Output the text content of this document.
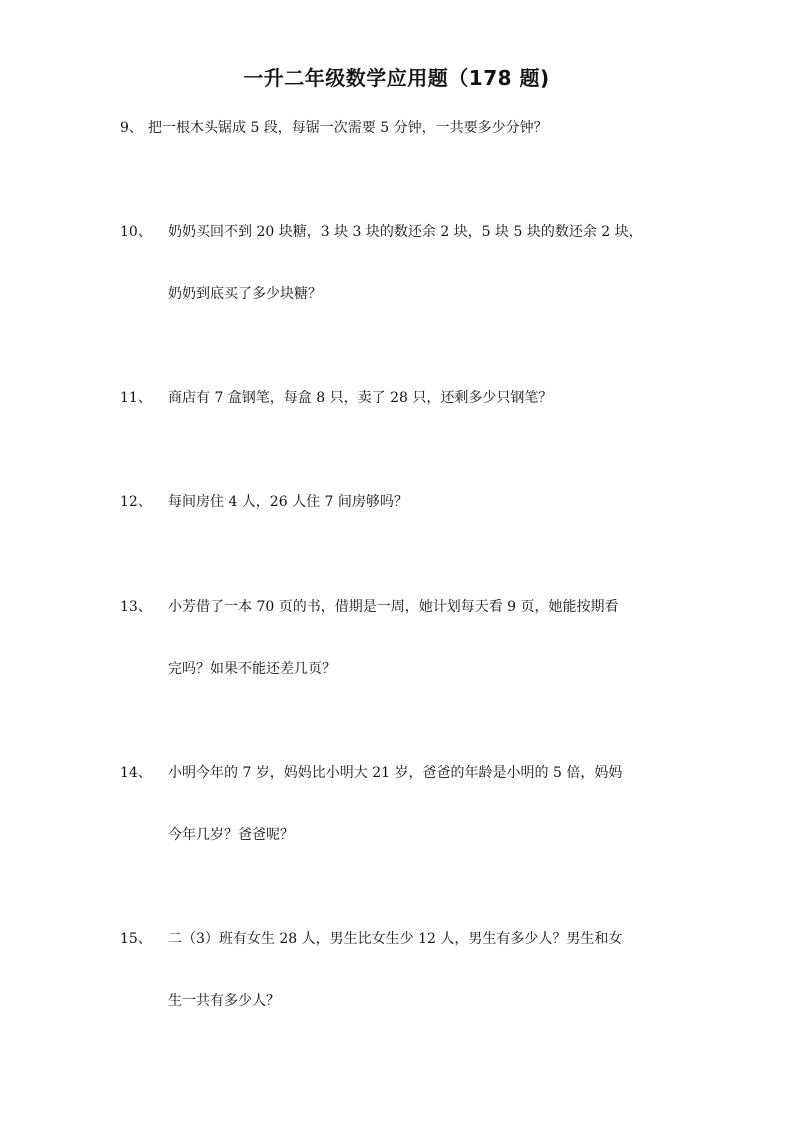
一升二年级数学应用题（178 题)
9、 把一根木头锯成 5 段，每锯一次需要 5 分钟，一共要多少分钟？
10、 奶奶买回不到 20 块糖，3 块 3 块的数还余 2 块，5 块 5 块的数还余 2 块，
奶奶到底买了多少块糖？
11、 商店有 7 盒钢笔，每盒 8 只，卖了 28 只，还剩多少只钢笔？
12、 每间房住 4 人，26 人住 7 间房够吗？
13、 小芳借了一本 70 页的书，借期是一周，她计划每天看 9 页，她能按期看
完吗？如果不能还差几页？
14、 小明今年的 7 岁，妈妈比小明大 21 岁，爸爸的年龄是小明的 5 倍，妈妈
今年几岁？爸爸呢？
15、 二（3）班有女生 28 人，男生比女生少 12 人，男生有多少人？男生和女
生一共有多少人？
